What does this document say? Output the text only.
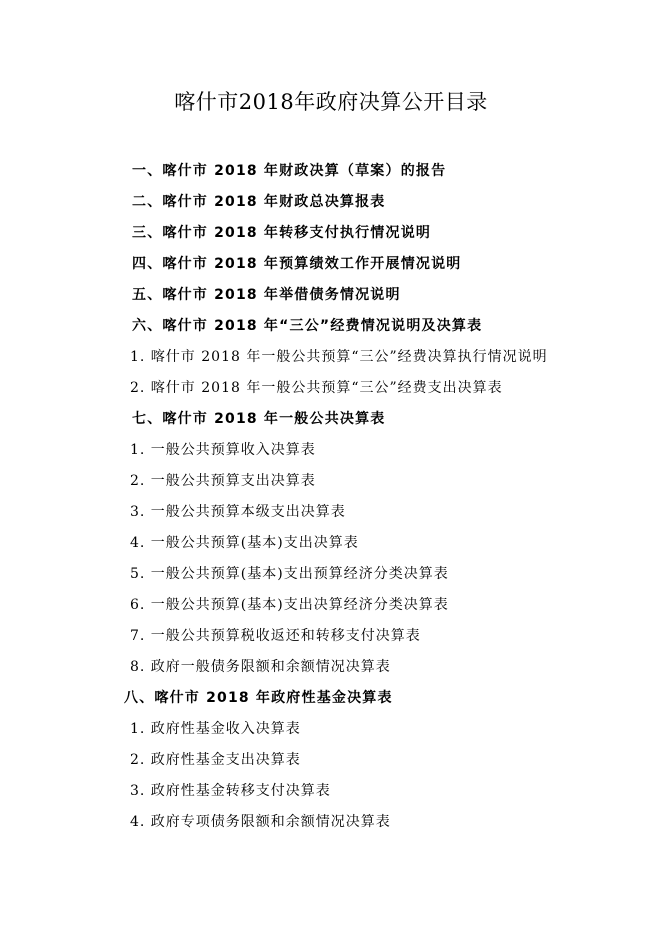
喀什市2018年政府决算公开目录
一、喀什市 2018 年财政决算（草案）的报告
二、喀什市 2018 年财政总决算报表
三、喀什市 2018 年转移支付执行情况说明
四、喀什市 2018 年预算绩效工作开展情况说明
五、喀什市 2018 年举借债务情况说明
六、喀什市 2018 年“三公”经费情况说明及决算表
1. 喀什市 2018 年一般公共预算“三公”经费决算执行情况说明
2. 喀什市 2018 年一般公共预算“三公”经费支出决算表
七、喀什市 2018 年一般公共决算表
1. 一般公共预算收入决算表
2. 一般公共预算支出决算表
3. 一般公共预算本级支出决算表
4. 一般公共预算(基本)支出决算表
5. 一般公共预算(基本)支出预算经济分类决算表
6. 一般公共预算(基本)支出决算经济分类决算表
7. 一般公共预算税收返还和转移支付决算表
8. 政府一般债务限额和余额情况决算表
八、喀什市 2018 年政府性基金决算表
1. 政府性基金收入决算表
2. 政府性基金支出决算表
3. 政府性基金转移支付决算表
4. 政府专项债务限额和余额情况决算表
